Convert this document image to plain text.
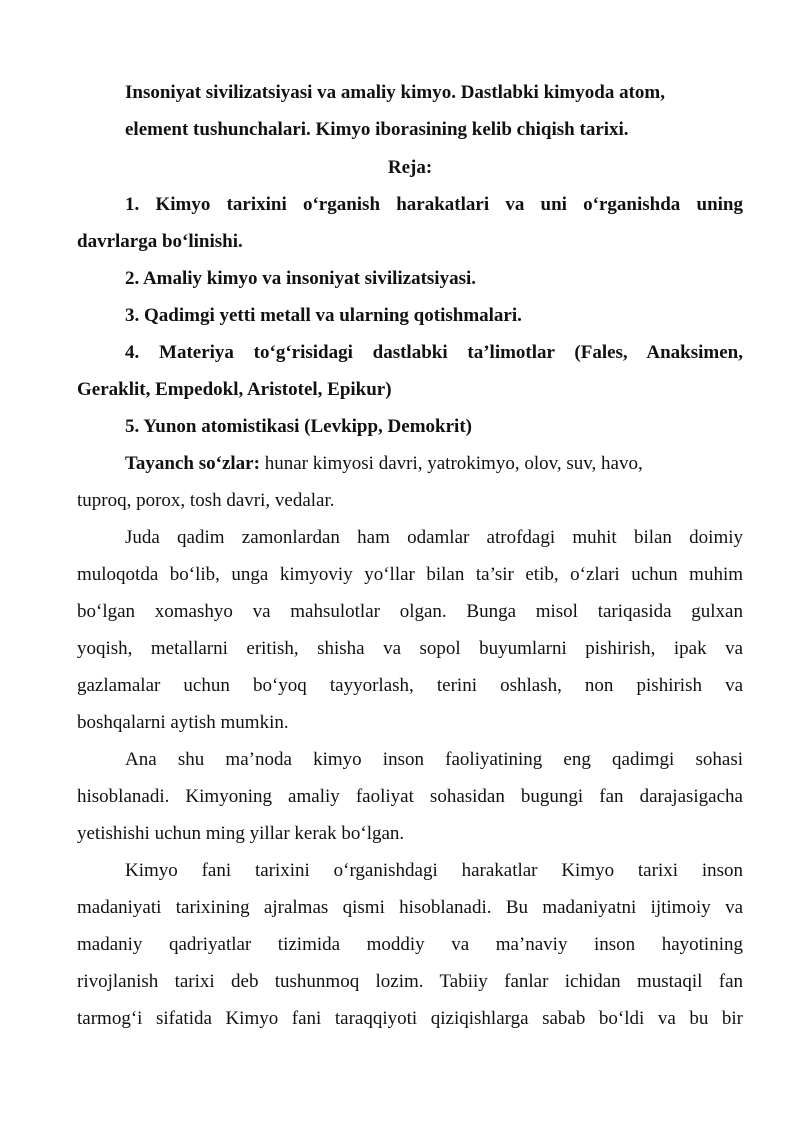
Insoniyat sivilizatsiyasi va amaliy kimyo. Dastlabki kimyoda atom,
element tushunchalari. Kimyo iborasining kelib chiqish tarixi.
Reja:
1. Kimyo tarixini o‘rganish harakatlari va uni o‘rganishda uning
davrlarga bo‘linishi.
2. Amaliy kimyo va insoniyat sivilizatsiyasi.
3. Qadimgi yetti metall va ularning qotishmalari.
4. Materiya to‘g‘risidagi dastlabki ta’limotlar (Fales, Anaksimen,
Geraklit, Empedokl, Aristotel, Epikur)
5. Yunon atomistikasi (Levkipp, Demokrit)
Tayanch so‘zlar: hunar kimyosi davri, yatrokimyo, olov, suv, havo,
tuproq, porox, tosh davri, vedalar.
Juda qadim zamonlardan ham odamlar atrofdagi muhit bilan doimiy
muloqotda bo‘lib, unga kimyoviy yo‘llar bilan ta’sir etib, o‘zlari uchun muhim
bo‘lgan xomashyo va mahsulotlar olgan. Bunga misol tariqasida gulxan
yoqish, metallarni eritish, shisha va sopol buyumlarni pishirish, ipak va
gazlamalar uchun bo‘yoq tayyorlash, terini oshlash, non pishirish va
boshqalarni aytish mumkin.
Ana shu ma’noda kimyo inson faoliyatining eng qadimgi sohasi
hisoblanadi. Kimyoning amaliy faoliyat sohasidan bugungi fan darajasigacha
yetishishi uchun ming yillar kerak bo‘lgan.
Kimyo fani tarixini o‘rganishdagi harakatlar Kimyo tarixi inson
madaniyati tarixining ajralmas qismi hisoblanadi. Bu madaniyatni ijtimoiy va
madaniy qadriyatlar tizimida moddiy va ma’naviy inson hayotining
rivojlanish tarixi deb tushunmoq lozim. Tabiiy fanlar ichidan mustaqil fan
tarmog‘i sifatida Kimyo fani taraqqiyoti qiziqishlarga sabab bo‘ldi va bu bir
